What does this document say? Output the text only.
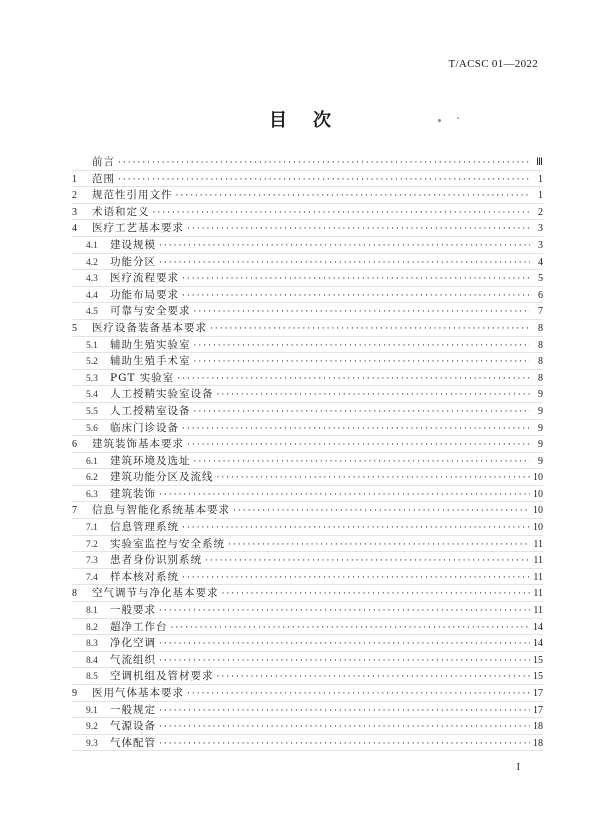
T/ACSC 01—2022
目次
前言 ·····	Ⅲ
1	范围 ·····	1
2	规范性引用文件 ·····	1
3	术语和定义 ·····	2
4	医疗工艺基本要求 ·····	3
4.1	建设规模 ·····	3
4.2	功能分区 ·····	4
4.3	医疗流程要求 ·····	5
4.4	功能布局要求 ·····	6
4.5	可靠与安全要求 ·····	7
5	医疗设备装备基本要求 ·····	8
5.1	辅助生殖实验室 ·····	8
5.2	辅助生殖手术室 ·····	8
5.3	PGT 实验室 ·····	8
5.4	人工授精实验室设备 ·····	9
5.5	人工授精室设备 ·····	9
5.6	临床门诊设备 ·····	9
6	建筑装饰基本要求 ·····	9
6.1	建筑环境及选址 ·····	9
6.2	建筑功能分区及流线 ·····	10
6.3	建筑装饰 ·····	10
7	信息与智能化系统基本要求 ·····	10
7.1	信息管理系统 ·····	10
7.2	实验室监控与安全系统 ·····	11
7.3	患者身份识别系统 ·····	11
7.4	样本核对系统 ·····	11
8	空气调节与净化基本要求 ·····	11
8.1	一般要求 ·····	11
8.2	超净工作台 ·····	14
8.3	净化空调 ·····	14
8.4	气流组织 ·····	15
8.5	空调机组及管材要求 ·····	15
9	医用气体基本要求 ·····	17
9.1	一般规定 ·····	17
9.2	气源设备 ·····	18
9.3	气体配管 ·····	18
I
